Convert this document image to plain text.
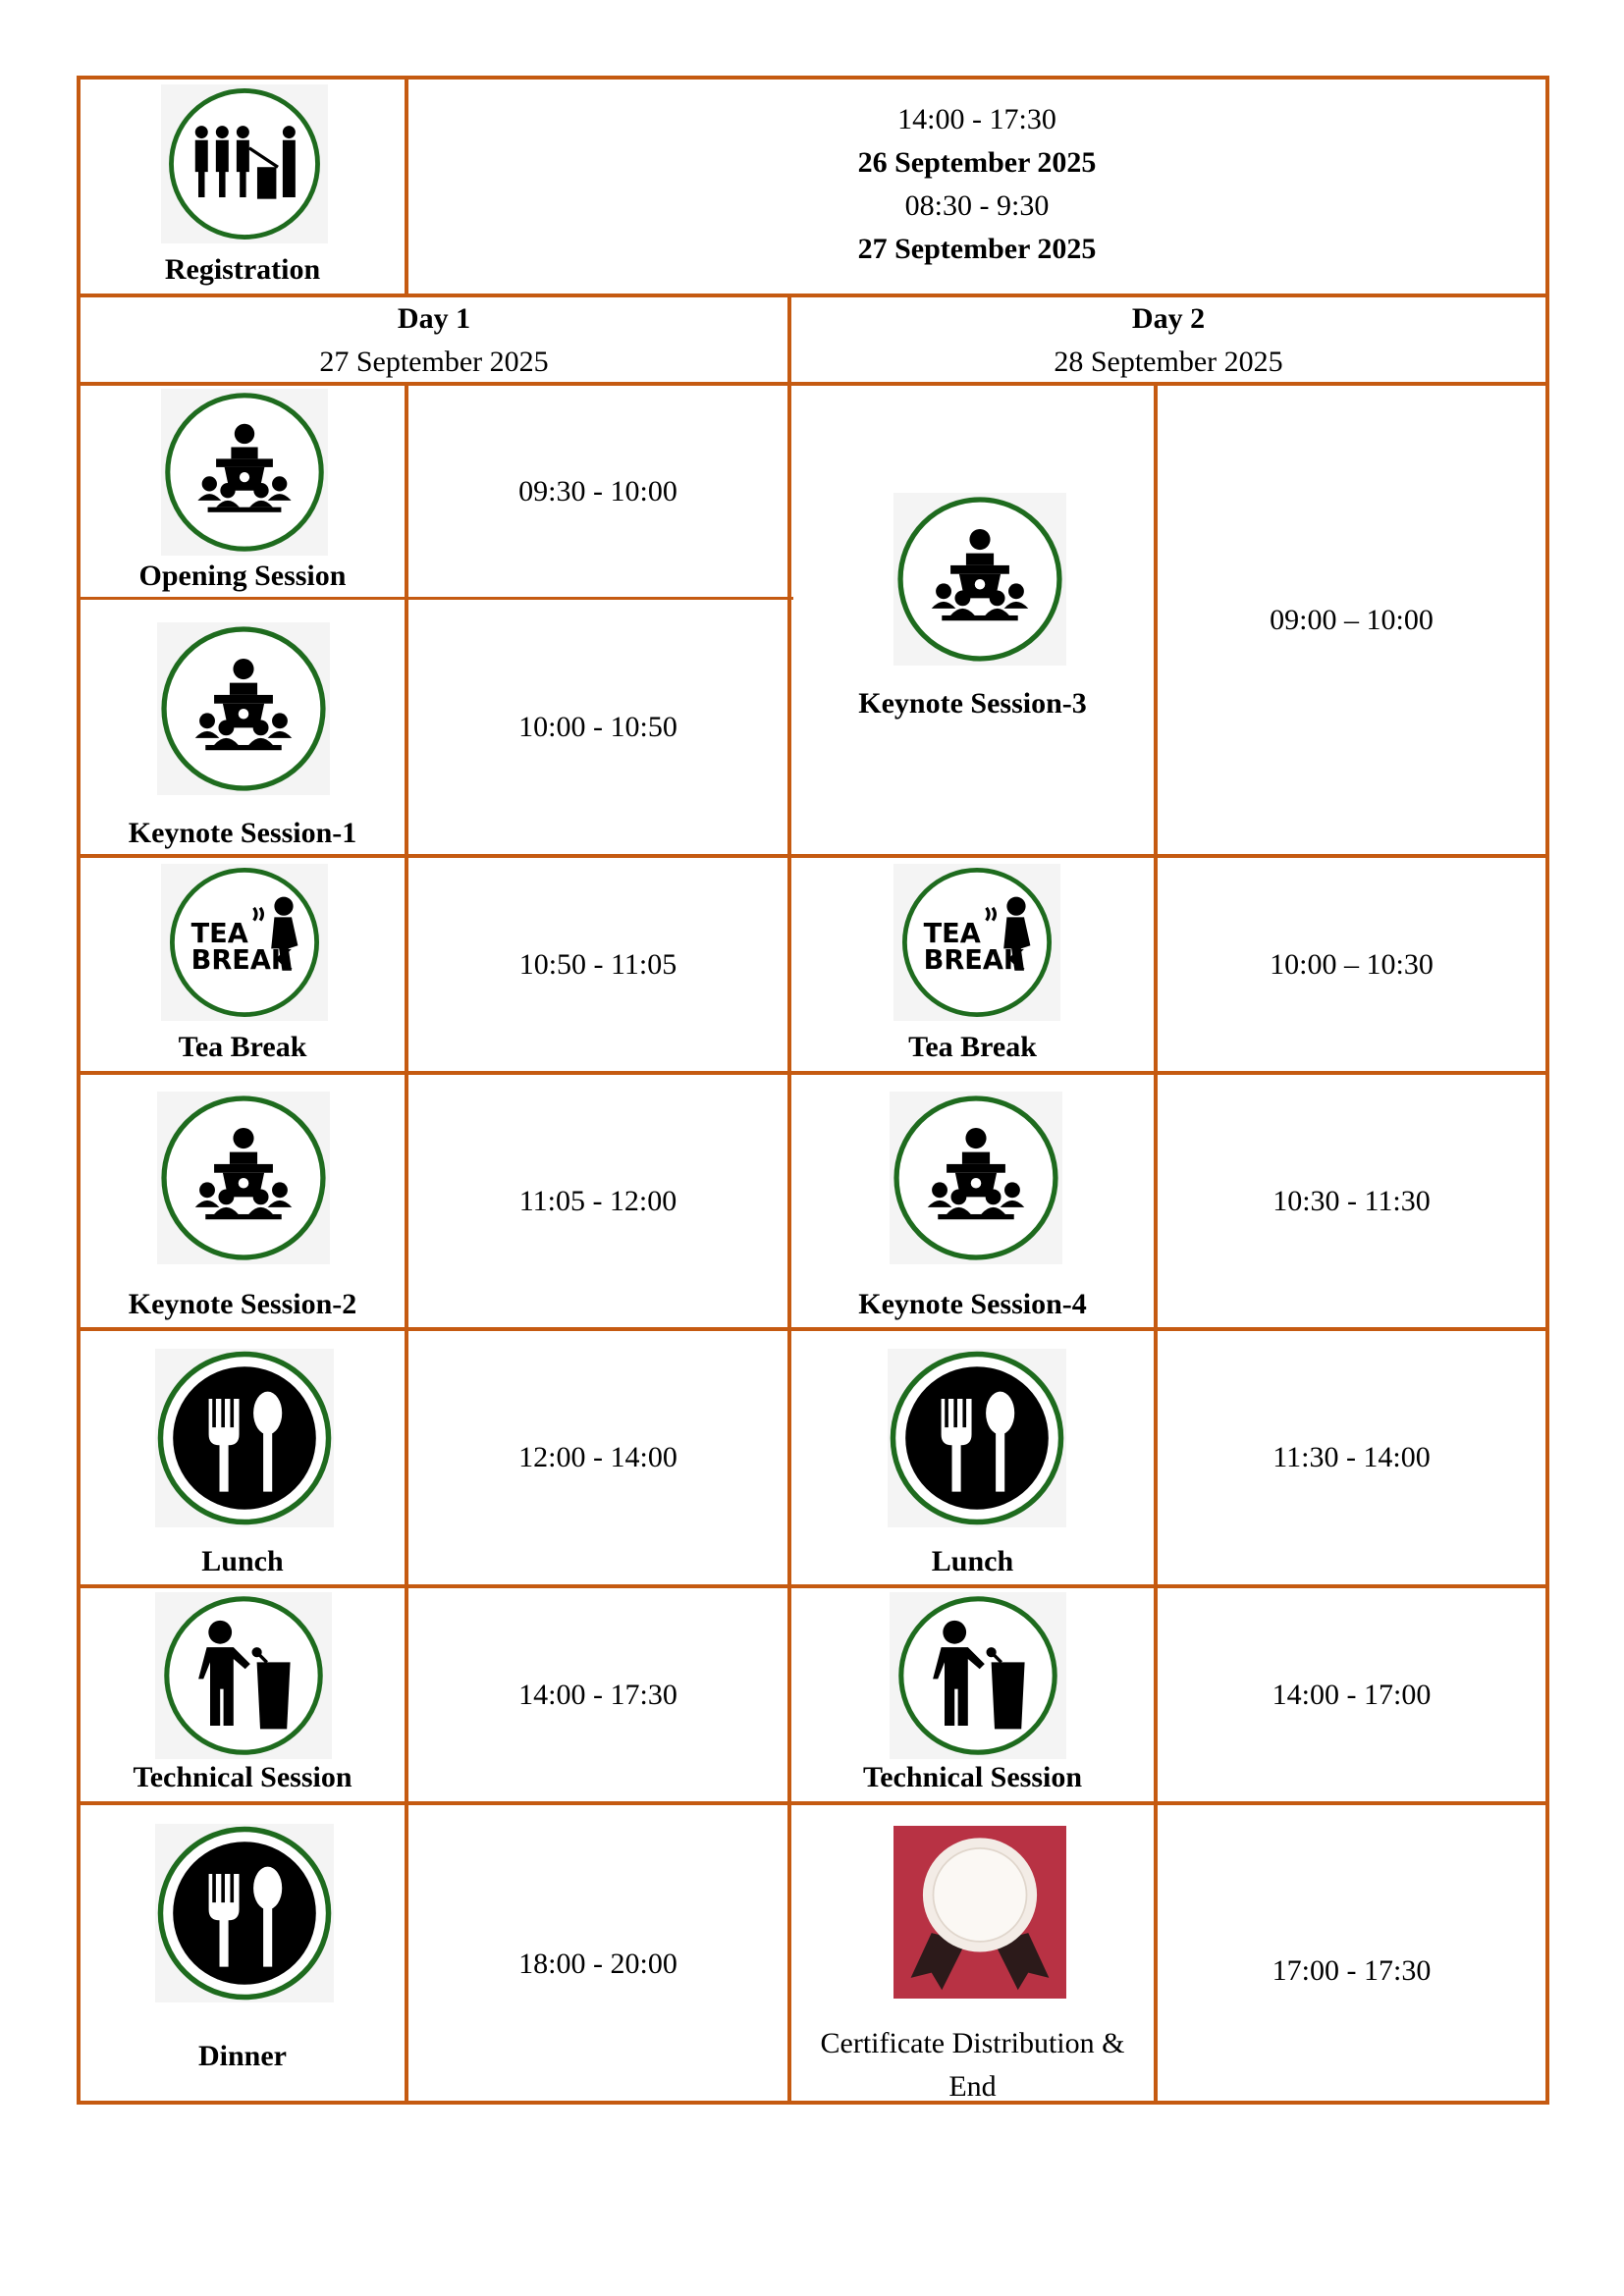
Registration
14:00 - 17:30
26 September 2025
08:30 - 9:30
27 September 2025
Day 1
27 September 2025
Day 2
28 September 2025
Opening Session
09:30 - 10:00
Keynote Session-1
10:00 - 10:50
Tea Break
10:50 - 11:05
Keynote Session-2
11:05 - 12:00
Lunch
12:00 - 14:00
Technical Session
14:00 - 17:30
Dinner
18:00 - 20:00
Keynote Session-3
09:00 – 10:00
Tea Break
10:00 – 10:30
Keynote Session-4
10:30 - 11:30
Lunch
11:30 - 14:00
Technical Session
14:00 - 17:00
Certificate Distribution &
End
17:00 - 17:30
